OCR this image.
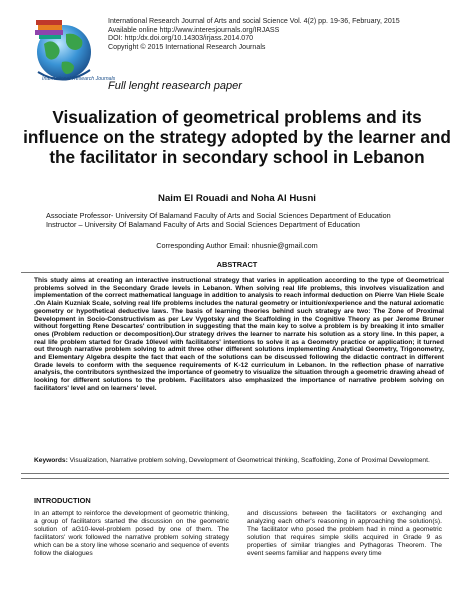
International Research Journals
International Research Journal of Arts and social Science Vol. 4(2) pp. 19-36, February, 2015
Available online http://www.interesjournals.org/IRJASS
DOI: http:/dx.doi.org/10.14303/irjass.2014.070
Copyright © 2015 International Research Journals
Full lenght reasearch paper
Visualization of geometrical problems and its influence on the strategy adopted by the learner and the facilitator in secondary school in Lebanon
Naim El Rouadi and Noha Al Husni
Associate Professor- University Of Balamand Faculty of Arts and Social Sciences Department of Education
Instructor – University Of Balamand Faculty of Arts and Social Sciences Department of Education
Corresponding Author Email: nhusnie@gmail.com
ABSTRACT
This study aims at creating an interactive instructional strategy that varies in application according to the type of Geometrical problems solved in the Secondary Grade levels in Lebanon. When solving real life problems, this involves visualization and implementation of the correct mathematical language in addition to analysis to reach informal deduction on Pierre Van Hiele Scale .On Alain Kuzniak Scale, solving real life problems includes the natural geometry or intuition/experience and the natural axiomatic geometry or hypothetical deductive laws. The basis of learning theories behind such strategy are two: The Zone of Proximal Development in Socio-Constructivism as per Lev Vygotsky and the Scaffolding in the Cognitive Theory as per Jerome Bruner without forgetting Rene Descartes' contribution in suggesting that the main key to solve a problem is by breaking it into smaller ones (Problem reduction or decomposition).Our strategy drives the learner to narrate his solution as a story line. In this paper, a real life problem started for Grade 10level with facilitators' intentions to solve it as a Geometry practice or application; it turned out through narrative problem solving to admit three other different solutions implementing Analytical Geometry, Trigonometry, and Elementary Algebra despite the fact that each of the solutions can be discussed following the didactic contract in different Grade levels to conform with the sequence requirements of K-12 curriculum in Lebanon. In the reflection phase of narrative analysis, the contributors synthesized the importance of geometry to visualize the situation through a geometric drawing ahead of looking for different solutions to the problem. Facilitators also emphasized the importance of narrative problem solving on facilitators' level and on learners' level.
Keywords: Visualization, Narrative problem solving, Development of Geometrical thinking, Scaffolding, Zone of Proximal Development.
INTRODUCTION
In an attempt to reinforce the development of geometric thinking, a group of facilitators started the discussion on the geometric solution of aG10-level-problem posed by one of them. The facilitators' work followed the narrative problem solving strategy which can be a story line whose scenario and sequence of events follow the dialogues
and discussions between the facilitators or exchanging and analyzing each other's reasoning in approaching the solution(s). The facilitator who posed the problem had in mind a geometric solution that requires simple skills acquired in Grade 9 as properties of similar triangles and Pythagoras Theorem. The event seems familiar and happens every time
